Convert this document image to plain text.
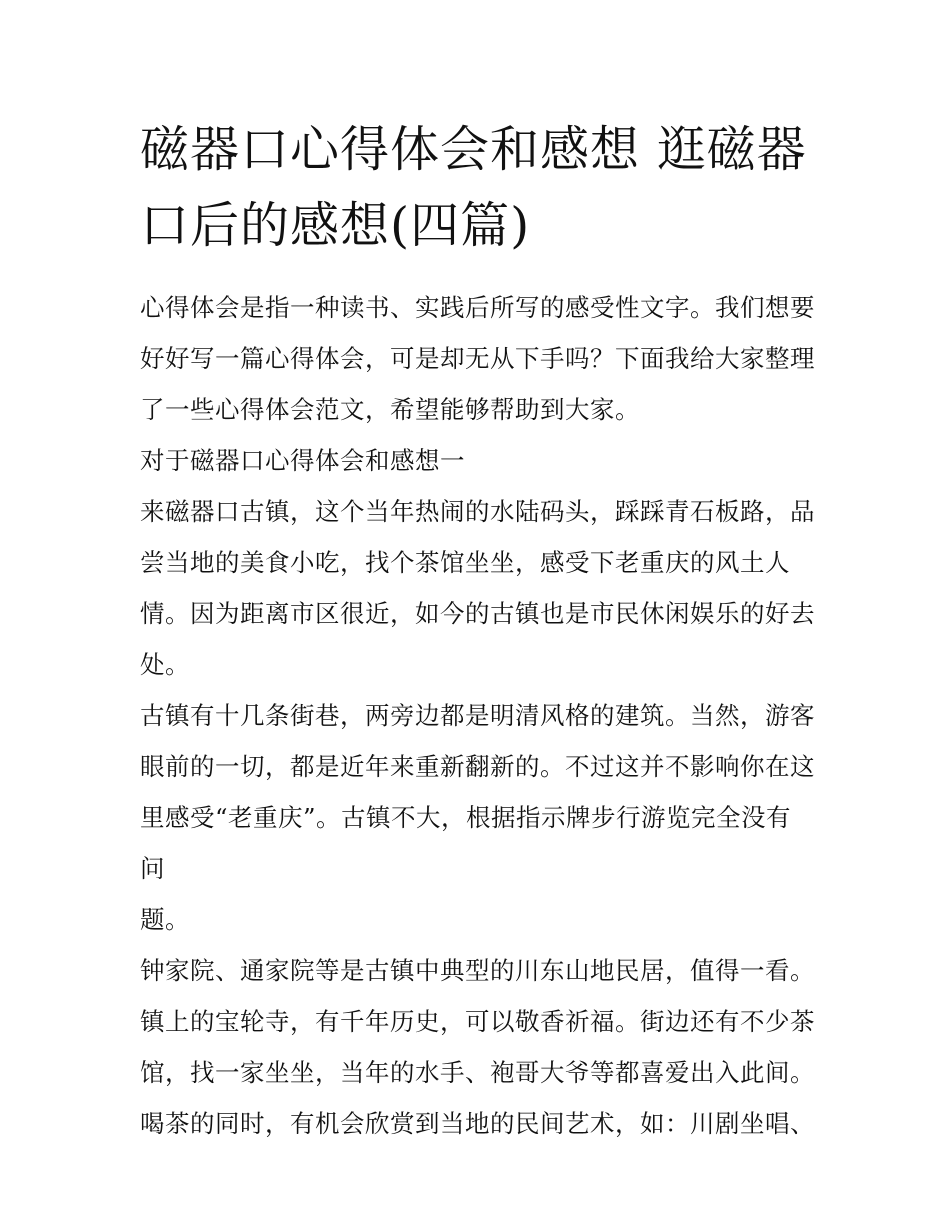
磁器口心得体会和感想 逛磁器
口后的感想(四篇)

心得体会是指一种读书、实践后所写的感受性文字。我们想要
好好写一篇心得体会，可是却无从下手吗？下面我给大家整理
了一些心得体会范文，希望能够帮助到大家。

对于磁器口心得体会和感想一

来磁器口古镇，这个当年热闹的水陆码头，踩踩青石板路，品
尝当地的美食小吃，找个茶馆坐坐，感受下老重庆的风土人
情。因为距离市区很近，如今的古镇也是市民休闲娱乐的好去
处。

古镇有十几条街巷，两旁边都是明清风格的建筑。当然，游客
眼前的一切，都是近年来重新翻新的。不过这并不影响你在这
里感受“老重庆”。古镇不大，根据指示牌步行游览完全没有问
题。

钟家院、通家院等是古镇中典型的川东山地民居，值得一看。
镇上的宝轮寺，有千年历史，可以敬香祈福。街边还有不少茶
馆，找一家坐坐，当年的水手、袍哥大爷等都喜爱出入此间。
喝茶的同时，有机会欣赏到当地的民间艺术，如：川剧坐唱、
